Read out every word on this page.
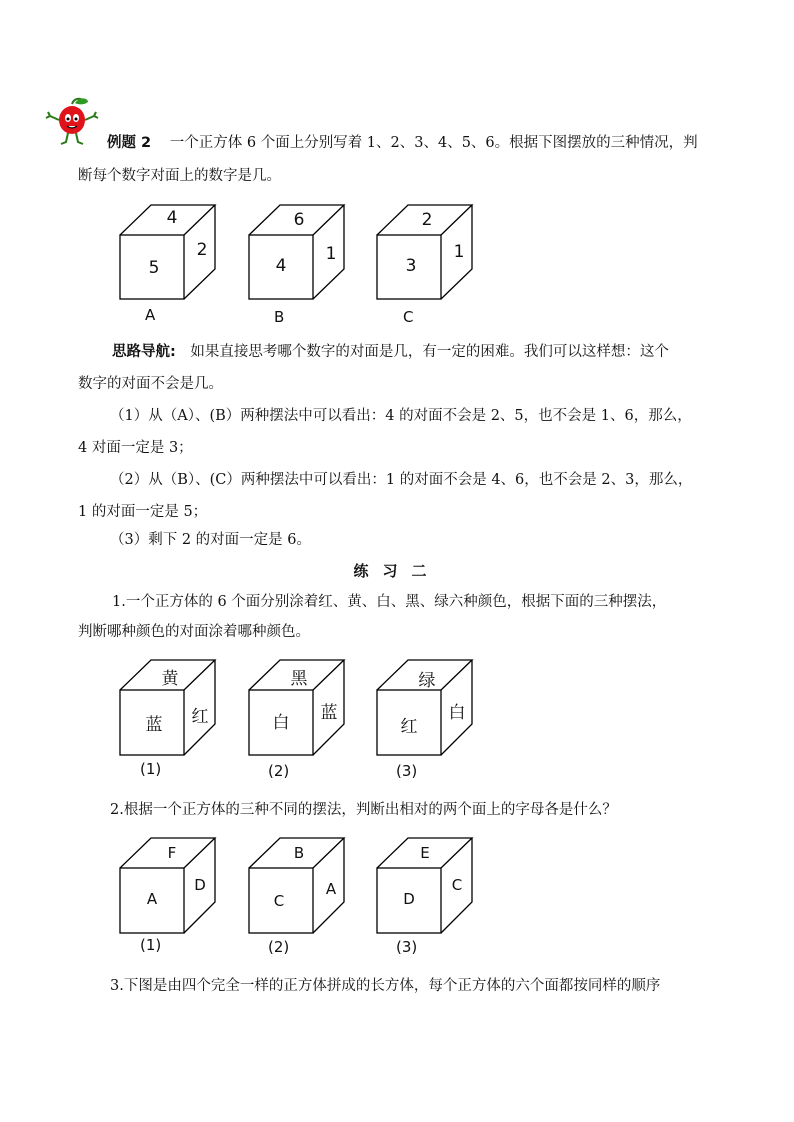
例题 2 一个正方体 6 个面上分别写着 1、2、3、4、5、6。根据下图摆放的三种情况，判
断每个数字对面上的数字是几。
5
4
2
A
4
6
1
B
3
2
1
C
思路导航: 如果直接思考哪个数字的对面是几，有一定的困难。我们可以这样想：这个
数字的对面不会是几。
（1）从（A）、(B）两种摆法中可以看出：4 的对面不会是 2、5，也不会是 1、6，那么，
4 对面一定是 3；
（2）从（B）、(C）两种摆法中可以看出：1 的对面不会是 4、6，也不会是 2、3，那么，
1 的对面一定是 5；
（3）剩下 2 的对面一定是 6。
练习二
1.一个正方体的 6 个面分别涂着红、黄、白、黑、绿六种颜色，根据下面的三种摆法，
判断哪种颜色的对面涂着哪种颜色。
蓝
黄
红
(1)
白
黑
蓝
(2)
红
绿
白
(3)
2.根据一个正方体的三种不同的摆法，判断出相对的两个面上的字母各是什么？
A
F
D
(1)
C
B
A
(2)
D
E
C
(3)
3.下图是由四个完全一样的正方体拼成的长方体，每个正方体的六个面都按同样的顺序
